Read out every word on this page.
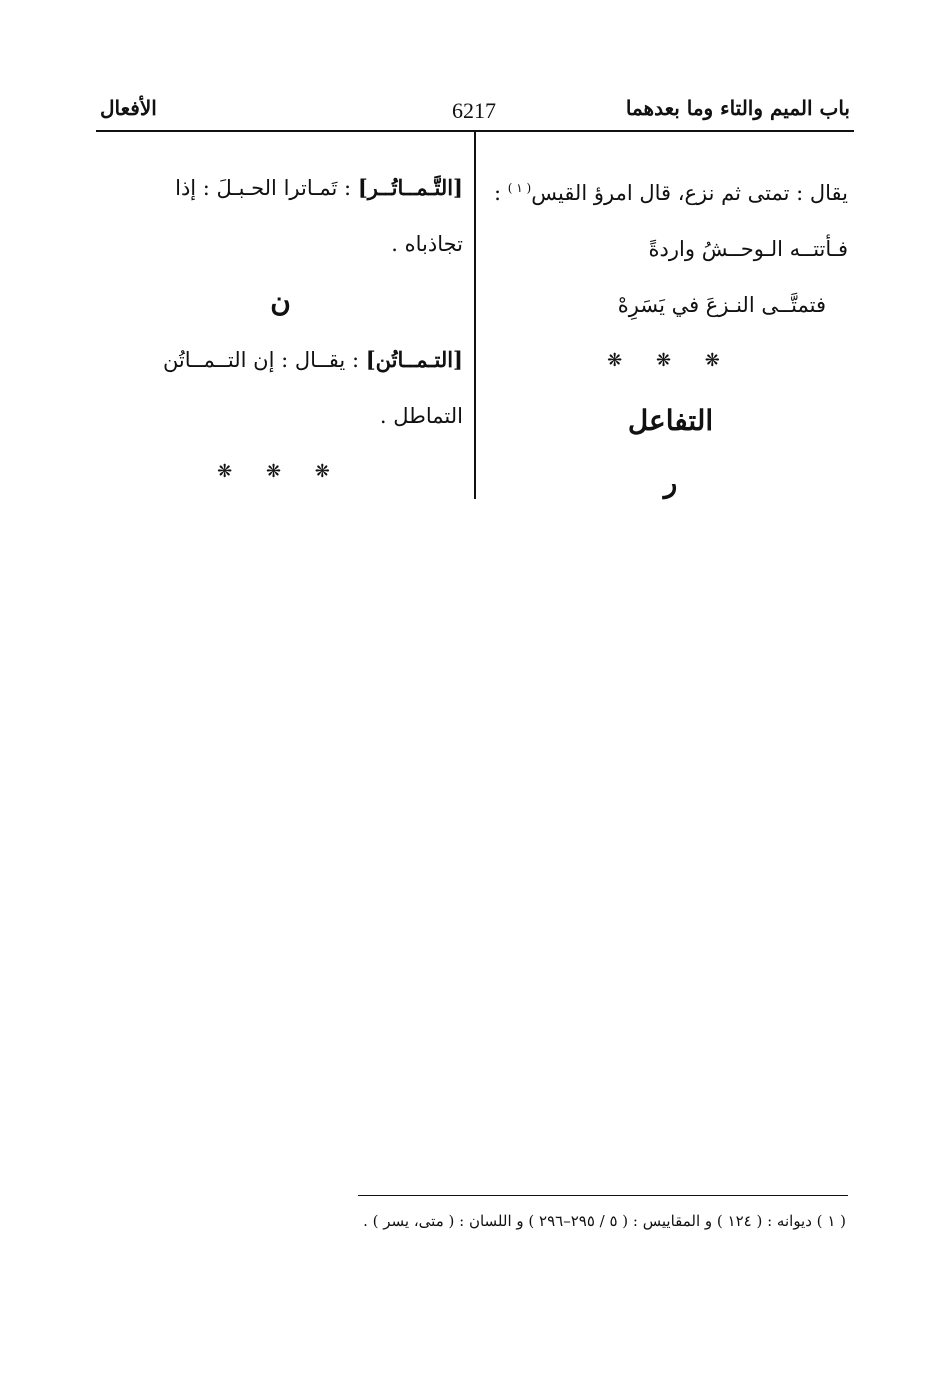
باب الميم والتاء وما بعدهما
6217
الأفعال
يقال : تمتى ثم نزع، قال امرؤ القيس$^{( ١ )}$ :
فـأتتــه الـوحــشُ واردةً
فتمتَّــى النـزعَ في يَسَرِهْ
❋ ❋ ❋
التفاعل
ر
[التَّـمــاتُــر] : تَمـاترا الحـبـلَ : إذا
تجاذباه .
ن
[التـمــاتُن] : يقــال : إن التــمــاتُن
التماطل .
❋ ❋ ❋
( ١ ) ديوانه : ( ١٢٤ ) و المقاييس : ( ٥ / ٢٩٥–٢٩٦ ) و اللسان : ( متى، يسر ) .
